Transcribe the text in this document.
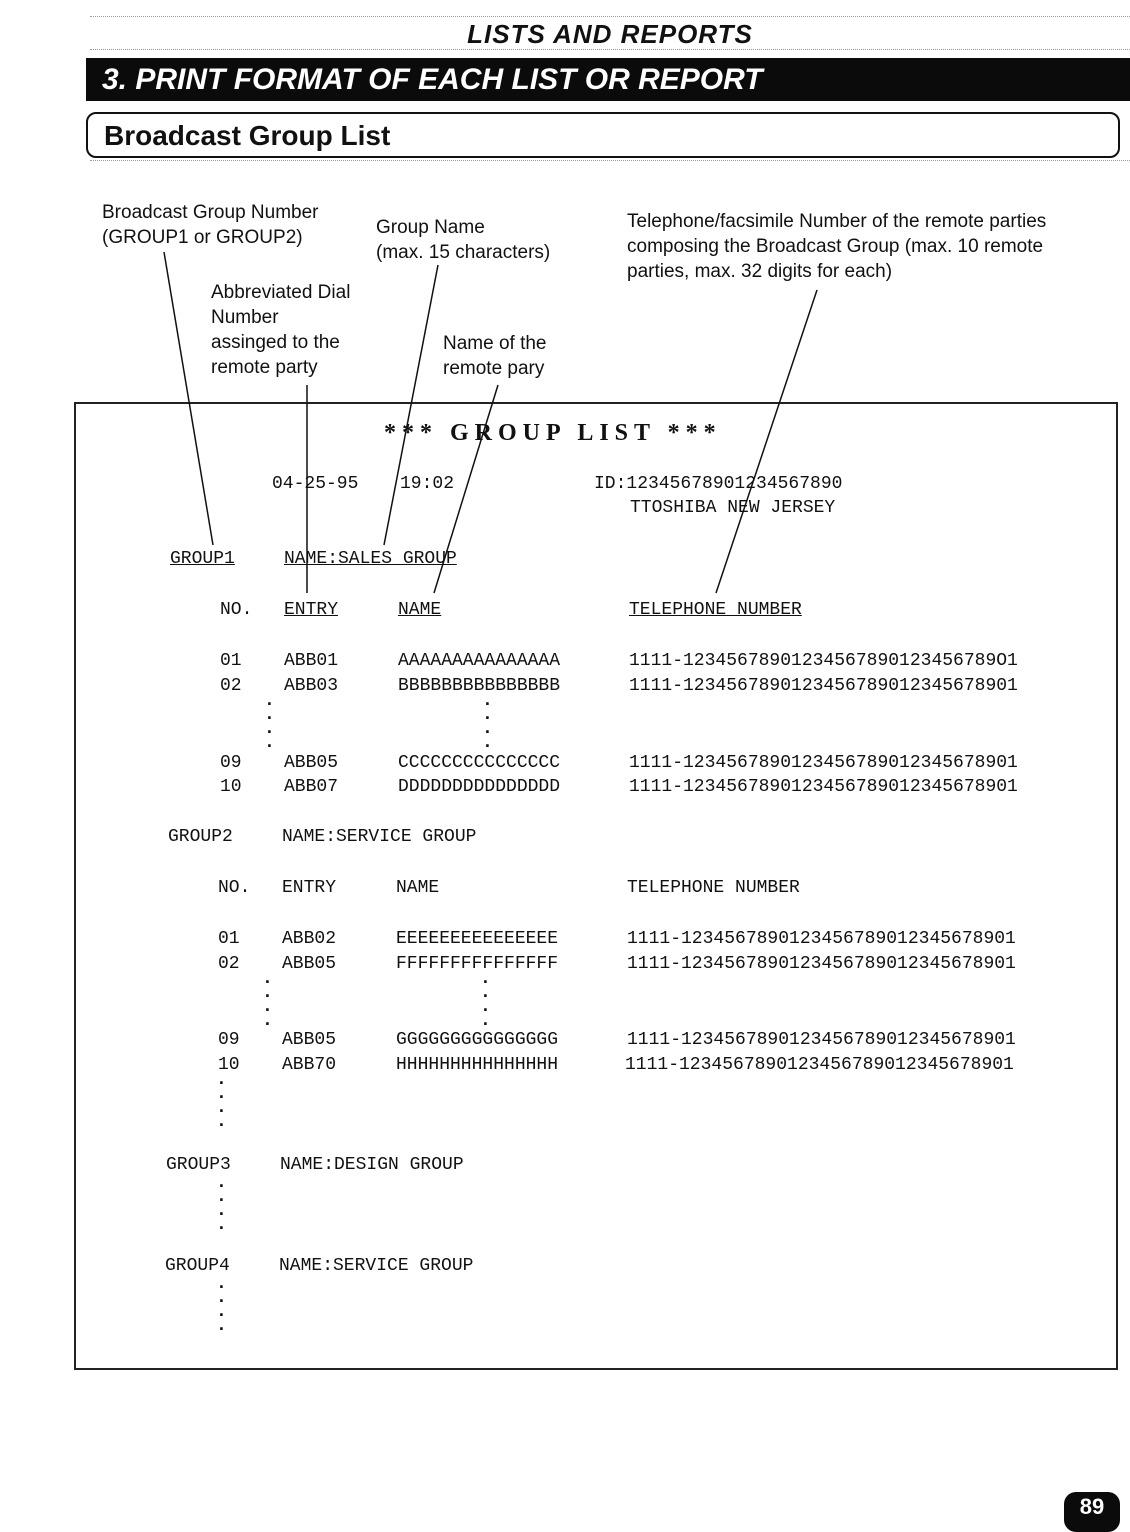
LISTS AND REPORTS
3. PRINT FORMAT OF EACH LIST OR REPORT
Broadcast Group List
Broadcast Group Number
(GROUP1 or GROUP2)	Group Name
(max. 15 characters)
Telephone/facsimile Number of the remote parties
composing the Broadcast Group (max. 10 remote
parties, max. 32 digits for each)
Abbreviated Dial
Number
assinged to the
remote party
Name of the
remote pary
*** GROUP LIST ***
04-25-95 19:02	ID:12345678901234567890
TTOSHIBA NEW JERSEY
GROUP1	NAME:SALES GROUP
NO. ENTRY	NAME	TELEPHONE NUMBER
01 ABB01	AAAAAAAAAAAAAAA	1111-12345678901234567890123456789O1
02 ABB03	BBBBBBBBBBBBBBB	1111-1234567890123456789012345678901
.
.
.
.
.
.
.
.
09 ABB05	CCCCCCCCCCCCCCC	1111-1234567890123456789012345678901
10 ABB07	DDDDDDDDDDDDDDD	1111-1234567890123456789012345678901
GROUP2	NAME:SERVICE GROUP
NO. ENTRY	NAME	TELEPHONE NUMBER
01 ABB02	EEEEEEEEEEEEEEE	1111-1234567890123456789012345678901
02 ABB05	FFFFFFFFFFFFFFF	1111-1234567890123456789012345678901
.
.
.
.
.
.
.
.
09 ABB05	GGGGGGGGGGGGGGG	1111-1234567890123456789012345678901
10 ABB70	HHHHHHHHHHHHHHH	1111-1234567890123456789012345678901
.
.
.
.
GROUP3	NAME:DESIGN GROUP
.
.
.
.
GROUP4	NAME:SERVICE GROUP
.
.
.
.
89
